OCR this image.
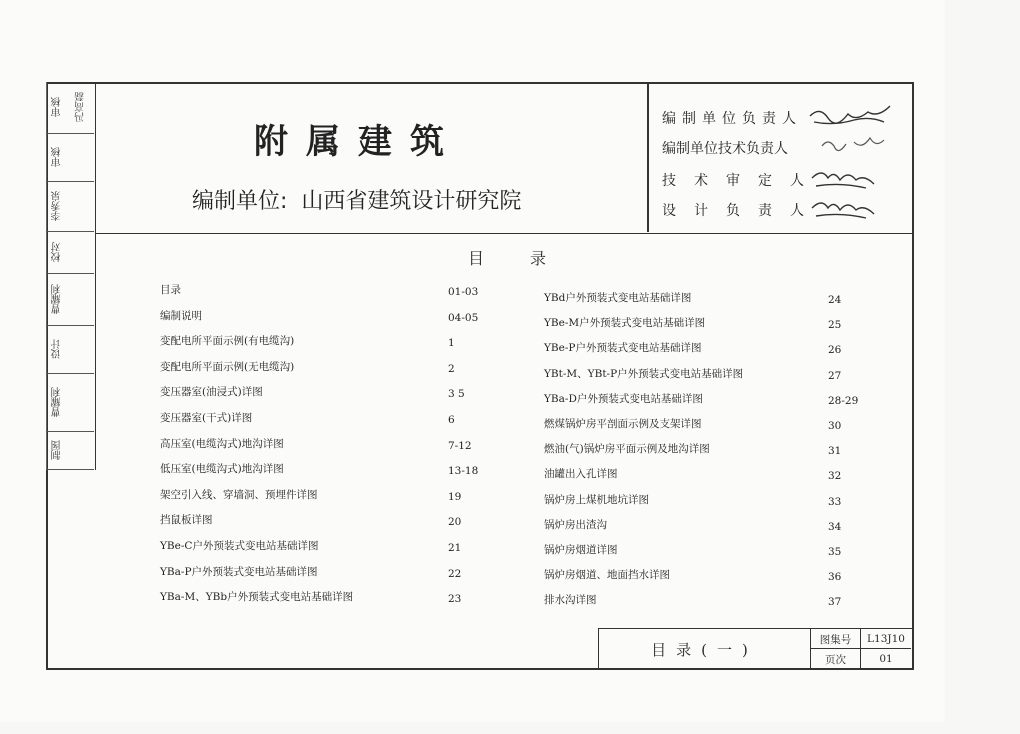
审核	冯高磊
审核
李秀泉
校对
曹耀利
设计
曹耀利
制图
附属建筑
编制单位: 山西省建筑设计研究院
编制单位负责人
编制单位技术负责人
技术审定人
设计负责人
目录
目录	01-03
编制说明	04-05
变配电所平面示例(有电缆沟)	1
变配电所平面示例(无电缆沟)	2
变压器室(油浸式)详图	3 5
变压器室(干式)详图	6
高压室(电缆沟式)地沟详图	7-12
低压室(电缆沟式)地沟详图	13-18
架空引入线、穿墙洞、预埋件详图	19
挡鼠板详图	20
YBe-C户外预装式变电站基础详图	21
YBa-P户外预装式变电站基础详图	22
YBa-M、YBb户外预装式变电站基础详图	23
YBd户外预装式变电站基础详图	24
YBe-M户外预装式变电站基础详图	25
YBe-P户外预装式变电站基础详图	26
YBt-M、YBt-P户外预装式变电站基础详图	27
YBa-D户外预装式变电站基础详图	28-29
燃煤锅炉房平剖面示例及支架详图	30
燃油(气)锅炉房平面示例及地沟详图	31
油罐出入孔详图	32
锅炉房上煤机地坑详图	33
锅炉房出渣沟	34
锅炉房烟道详图	35
锅炉房烟道、地面挡水详图	36
排水沟详图	37
目录(一)
图集号	L13J10
页次	01
